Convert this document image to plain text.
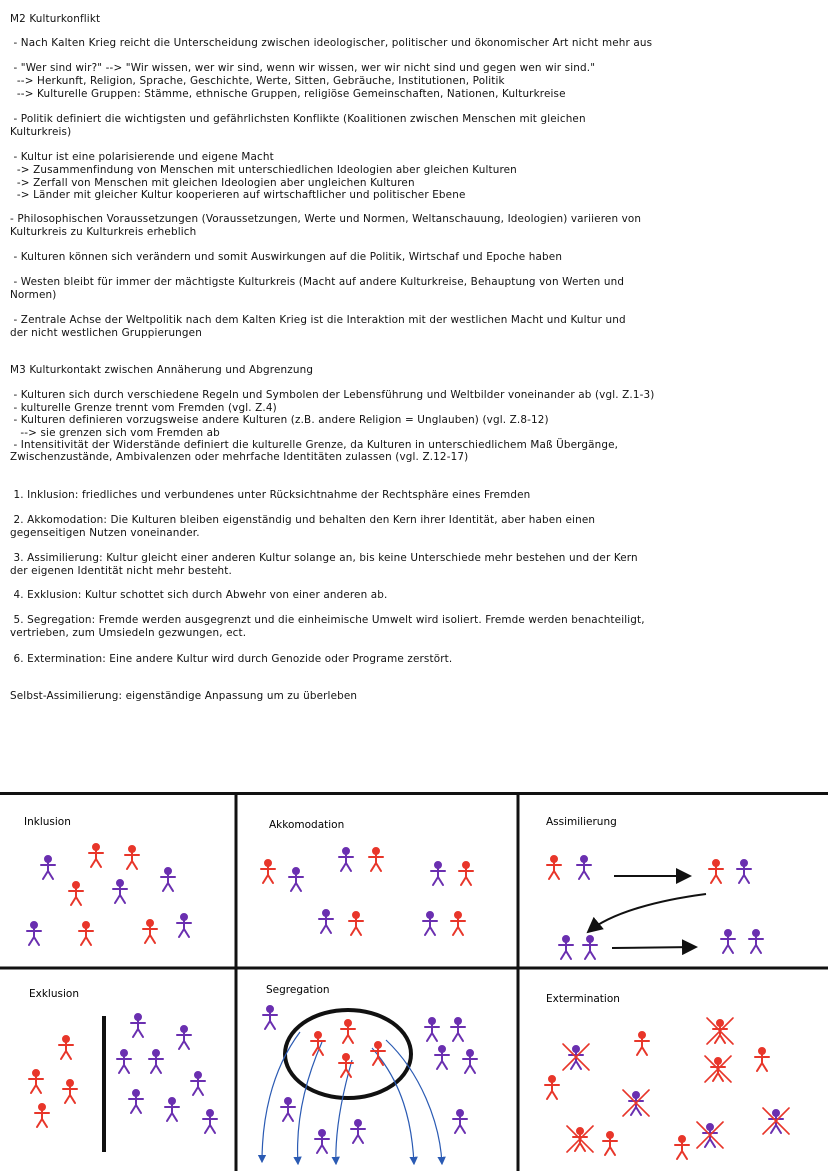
M2 Kulturkonflikt
- Nach Kalten Krieg reicht die Unterscheidung zwischen ideologischer, politischer und ökonomischer Art nicht mehr aus
- "Wer sind wir?" --> "Wir wissen, wer wir sind, wenn wir wissen, wer wir nicht sind und gegen wen wir sind."
--> Herkunft, Religion, Sprache, Geschichte, Werte, Sitten, Gebräuche, Institutionen, Politik
--> Kulturelle Gruppen: Stämme, ethnische Gruppen, religiöse Gemeinschaften, Nationen, Kulturkreise
- Politik definiert die wichtigsten und gefährlichsten Konflikte (Koalitionen zwischen Menschen mit gleichen
Kulturkreis)
- Kultur ist eine polarisierende und eigene Macht
-> Zusammenfindung von Menschen mit unterschiedlichen Ideologien aber gleichen Kulturen
-> Zerfall von Menschen mit gleichen Ideologien aber ungleichen Kulturen
-> Länder mit gleicher Kultur kooperieren auf wirtschaftlicher und politischer Ebene
- Philosophischen Voraussetzungen (Voraussetzungen, Werte und Normen, Weltanschauung, Ideologien) variieren von
Kulturkreis zu Kulturkreis erheblich
- Kulturen können sich verändern und somit Auswirkungen auf die Politik, Wirtschaf und Epoche haben
- Westen bleibt für immer der mächtigste Kulturkreis (Macht auf andere Kulturkreise, Behauptung von Werten und
Normen)
- Zentrale Achse der Weltpolitik nach dem Kalten Krieg ist die Interaktion mit der westlichen Macht und Kultur und
der nicht westlichen Gruppierungen
M3 Kulturkontakt zwischen Annäherung und Abgrenzung
- Kulturen sich durch verschiedene Regeln und Symbolen der Lebensführung und Weltbilder voneinander ab (vgl. Z.1-3)
- kulturelle Grenze trennt vom Fremden (vgl. Z.4)
- Kulturen definieren vorzugsweise andere Kulturen (z.B. andere Religion = Unglauben) (vgl. Z.8-12)
--> sie grenzen sich vom Fremden ab
- Intensitivität der Widerstände definiert die kulturelle Grenze, da Kulturen in unterschiedlichem Maß Übergänge,
Zwischenzustände, Ambivalenzen oder mehrfache Identitäten zulassen (vgl. Z.12-17)
1. Inklusion: friedliches und verbundenes unter Rücksichtnahme der Rechtsphäre eines Fremden
2. Akkomodation: Die Kulturen bleiben eigenständig und behalten den Kern ihrer Identität, aber haben einen
gegenseitigen Nutzen voneinander.
3. Assimilierung: Kultur gleicht einer anderen Kultur solange an, bis keine Unterschiede mehr bestehen und der Kern
der eigenen Identität nicht mehr besteht.
4. Exklusion: Kultur schottet sich durch Abwehr von einer anderen ab.
5. Segregation: Fremde werden ausgegrenzt und die einheimische Umwelt wird isoliert. Fremde werden benachteiligt,
vertrieben, zum Umsiedeln gezwungen, ect.
6. Extermination: Eine andere Kultur wird durch Genozide oder Programe zerstört.
Selbst-Assimilierung: eigenständige Anpassung um zu überleben
Inklusion	Akkomodation	Assimilierung
Exklusion	Segregation
Extermination
